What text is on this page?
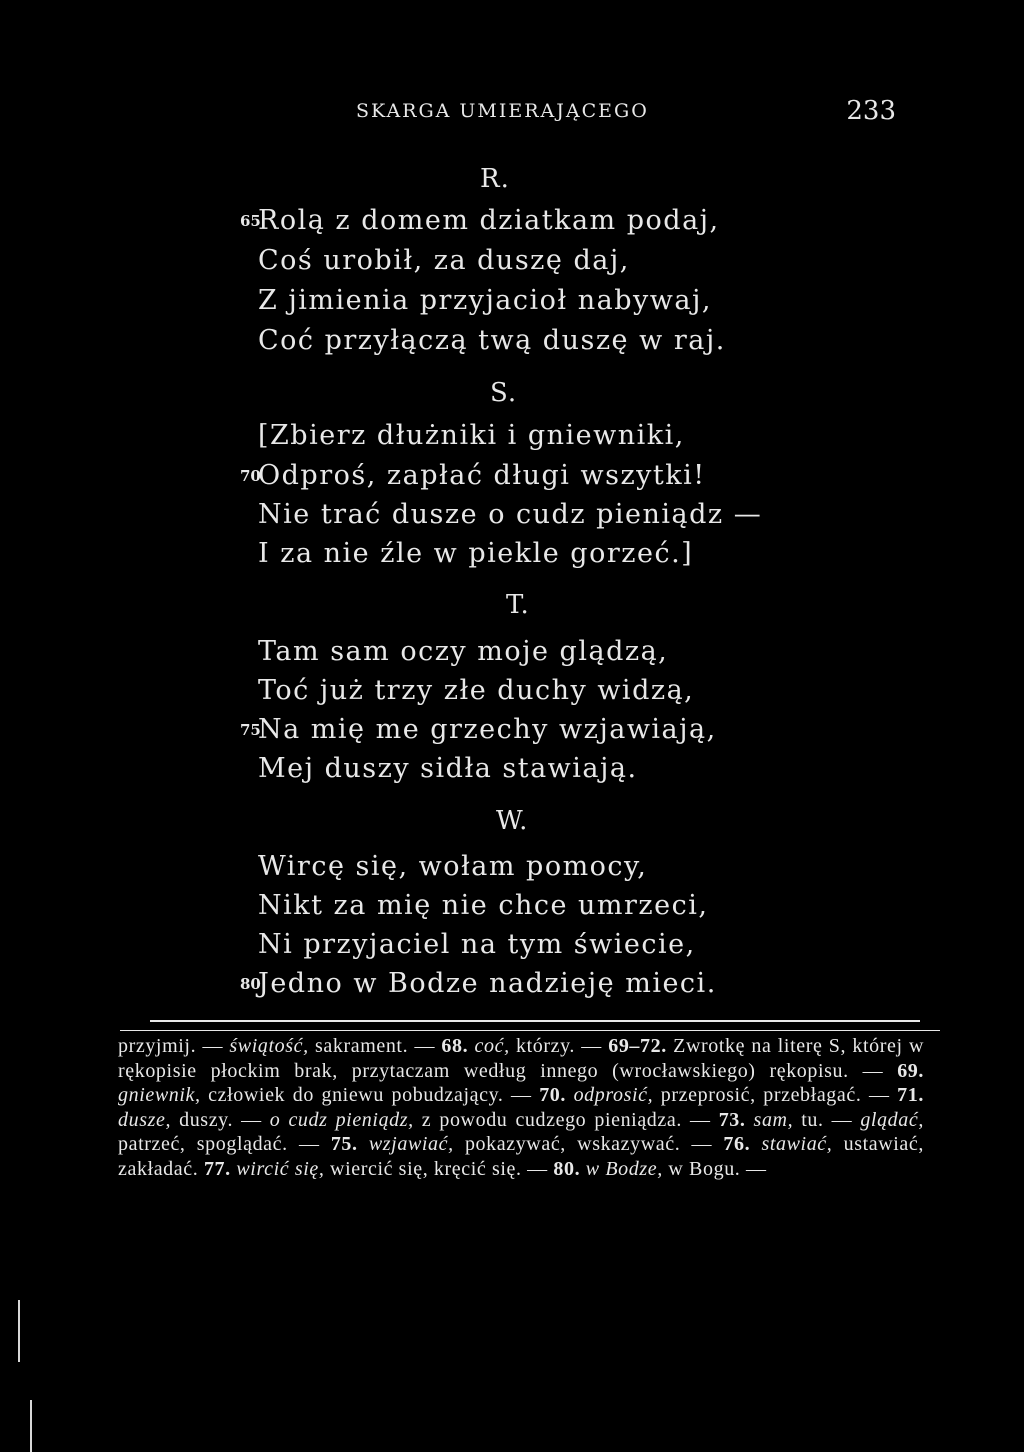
SKARGA UMIERAJĄCEGO	233
R.
65
Rolą z domem dziatkam podaj,
Coś urobił, za duszę daj,
Z jimienia przyjacioł nabywaj,
Coć przyłączą twą duszę w raj.
S.
[Zbierz dłużniki i gniewniki,
70
Odproś, zapłać długi wszytki!
Nie trać dusze o cudz pieniądz —
I za nie źle w piekle gorzeć.]
T.
Tam sam oczy moje glądzą,
Toć już trzy złe duchy widzą,
75
Na mię me grzechy wzjawiają,
Mej duszy sidła stawiają.
W.
Wircę się, wołam pomocy,
Nikt za mię nie chce umrzeci,
Ni przyjaciel na tym świecie,
80
Jedno w Bodze nadzieję mieci.
przyjmij. — świątość, sakrament. — 68. coć, którzy. — 69–72. Zwrotkę na literę S, której w rękopisie płockim brak, przytaczam według innego (wrocławskiego) rękopisu. — 69. gniewnik, człowiek do gniewu pobudzający. — 70. odprosić, przeprosić, przebłagać. — 71. dusze, duszy. — o cudz pieniądz, z powodu cudzego pieniądza. — 73. sam, tu. — glądać, patrzeć, spoglądać. — 75. wzjawiać, pokazywać, wskazywać. — 76. stawiać, ustawiać, zakładać. 77. wircić się, wiercić się, kręcić się. — 80. w Bodze, w Bogu. —
